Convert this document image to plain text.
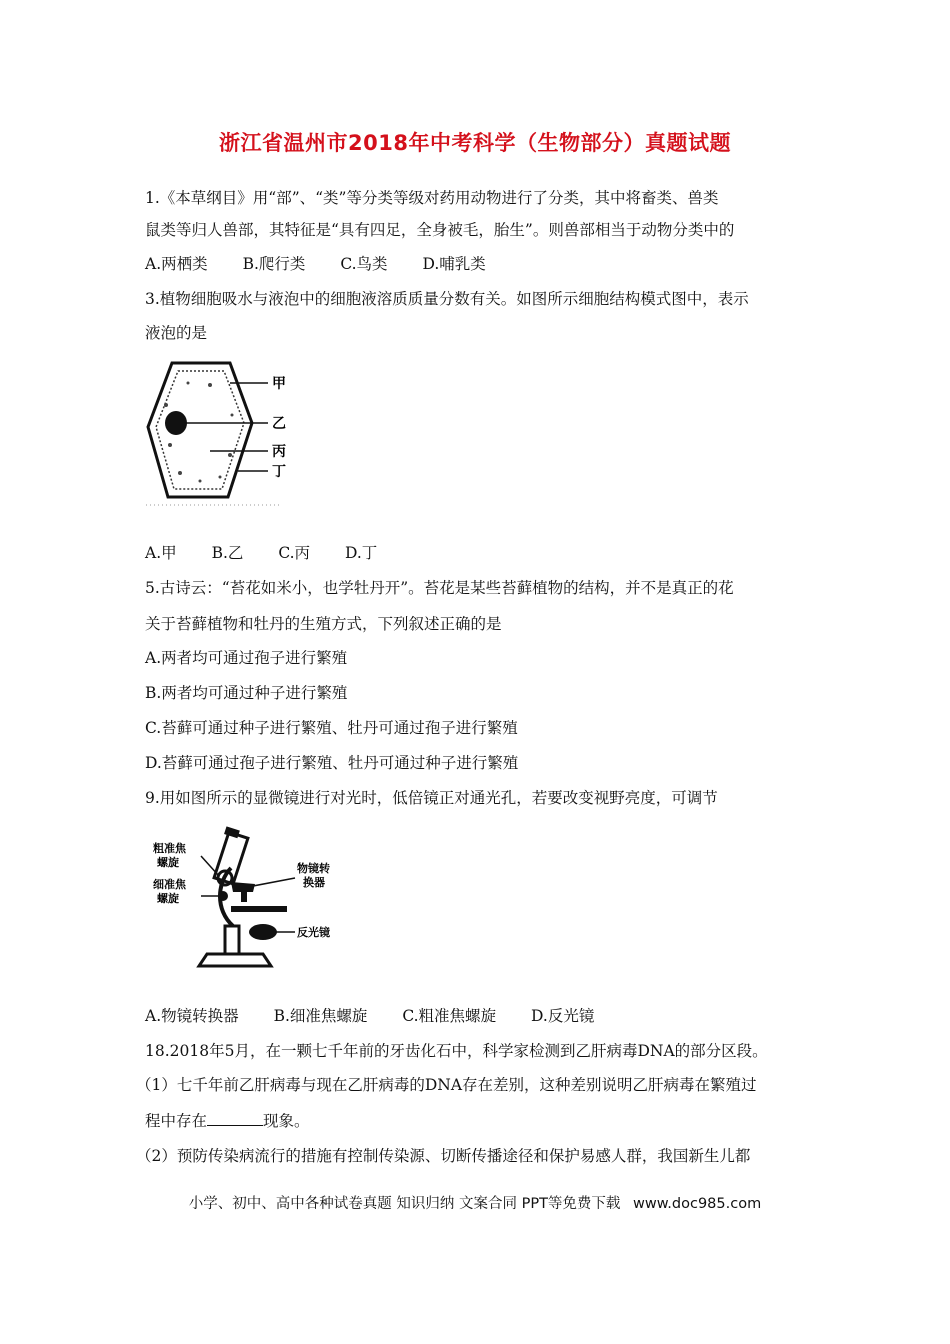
浙江省温州市2018年中考科学（生物部分）真题试题
1.《本草纲目》用“部”、“类”等分类等级对药用动物进行了分类，其中将畜类、兽类
鼠类等归人兽部，其特征是“具有四足，全身被毛，胎生”。则兽部相当于动物分类中的
A.两栖类 B.爬行类 C.鸟类 D.哺乳类
3.植物细胞吸水与液泡中的细胞液溶质质量分数有关。如图所示细胞结构模式图中，表示
液泡的是
甲
乙
丙
丁
A.甲 B.乙 C.丙 D.丁
5.古诗云：“苔花如米小，也学牡丹开”。苔花是某些苔藓植物的结构，并不是真正的花
关于苔藓植物和牡丹的生殖方式，下列叙述正确的是
A.两者均可通过孢子进行繁殖
B.两者均可通过种子进行繁殖
C.苔藓可通过种子进行繁殖、牡丹可通过孢子进行繁殖
D.苔藓可通过孢子进行繁殖、牡丹可通过种子进行繁殖
9.用如图所示的显微镜进行对光时，低倍镜正对通光孔，若要改变视野亮度，可调节
粗准焦
螺旋
细准焦
螺旋
物镜转
换器
反光镜
A.物镜转换器 B.细准焦螺旋 C.粗准焦螺旋 D.反光镜
18.2018年5月，在一颗七千年前的牙齿化石中，科学家检测到乙肝病毒DNA的部分区段。
（1）七千年前乙肝病毒与现在乙肝病毒的DNA存在差别，这种差别说明乙肝病毒在繁殖过
程中存在	现象。
（2）预防传染病流行的措施有控制传染源、切断传播途径和保护易感人群，我国新生儿都
小学、初中、高中各种试卷真题 知识归纳 文案合同 PPT等免费下载 www.doc985.com
